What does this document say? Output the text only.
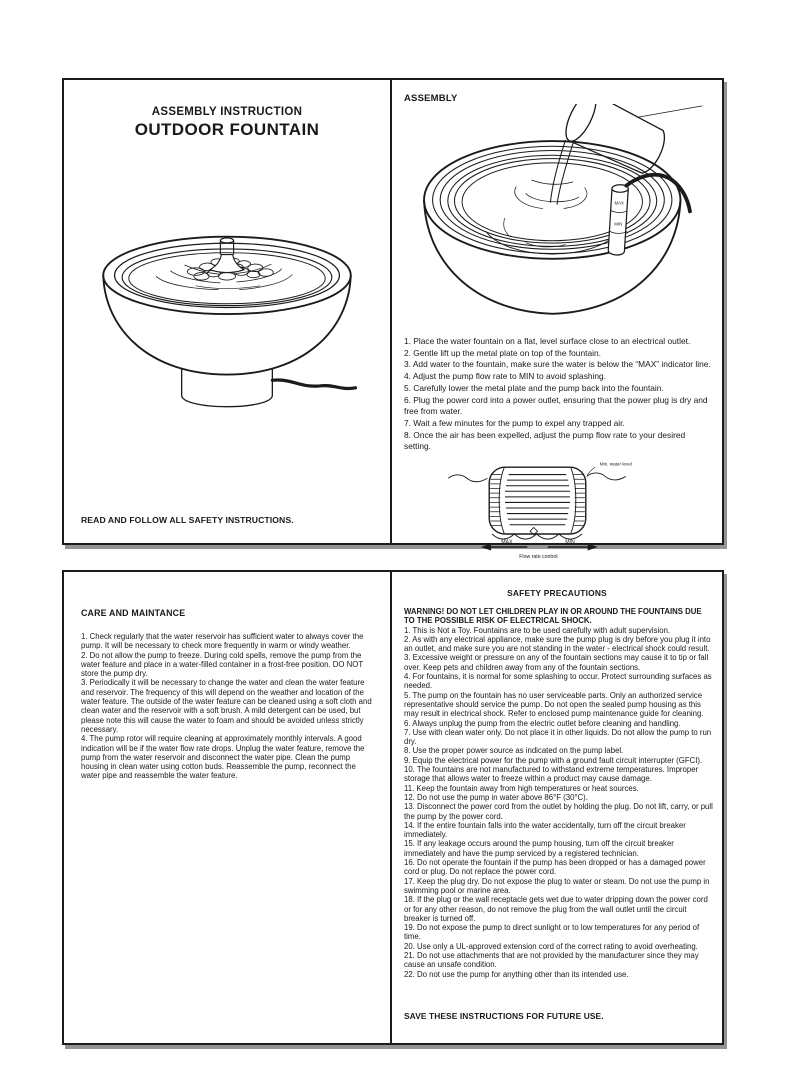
ASSEMBLY INSTRUCTION
OUTDOOR FOUNTAIN
READ AND FOLLOW ALL SAFETY INSTRUCTIONS.
ASSEMBLY
MAX
MIN
1. Place the water fountain on a flat, level surface close to an electrical outlet.
2. Gentle lift up the metal plate on top of the fountain.
3. Add water to the fountain, make sure the water is below the “MAX” indicator line.
4. Adjust the pump flow rate to MIN to avoid splashing.
5. Carefully lower the metal plate and the pump back into the fountain.
6. Plug the power cord into a power outlet, ensuring that the power plug is dry and free from water.
7. Wait a few minutes for the pump to expel any trapped air.
8. Once the air has been expelled, adjust the pump flow rate to your desired setting.
Min. water level
MAX	MIN
Flow rate control
CARE AND MAINTANCE
1. Check regularly that the water reservoir has sufficient water to always cover the pump. It will be necessary to check more frequently in warm or windy weather.
2. Do not allow the pump to freeze. During cold spells, remove the pump from the water feature and place in a water-filled container in a frost-free position. DO NOT store the pump dry.
3. Periodically it will be necessary to change the water and clean the water feature and reservoir. The frequency of this will depend on the weather and location of the water feature. The outside of the water feature can be cleaned using a soft cloth and clean water and the reservoir with a soft brush. A mild detergent can be used, but please note this will cause the water to foam and should be avoided unless strictly necessary.
4. The pump rotor will require cleaning at approximately monthly intervals. A good indication will be if the water flow rate drops. Unplug the water feature, remove the pump from the water reservoir and disconnect the water pipe. Clean the pump housing in clean water using cotton buds. Reassemble the pump, reconnect the water pipe and reassemble the water feature.
SAFETY PRECAUTIONS
WARNING! DO NOT LET CHILDREN PLAY IN OR AROUND THE FOUNTAINS DUE TO THE POSSIBLE RISK OF ELECTRICAL SHOCK.
1. This is Not a Toy. Fountains are to be used carefully with adult supervision.
2. As with any electrical appliance, make sure the pump plug is dry before you plug it into an outlet, and make sure you are not standing in the water - electrical shock could result.
3. Excessive weight or pressure on any of the fountain sections may cause it to tip or fall over. Keep pets and children away from any of the fountain sections.
4. For fountains, it is normal for some splashing to occur. Protect surrounding surfaces as needed.
5. The pump on the fountain has no user serviceable parts. Only an authorized service representative should service the pump. Do not open the sealed pump housing as this may result in electrical shock. Refer to enclosed pump maintenance guide for cleaning.
6. Always unplug the pump from the electric outlet before cleaning and handling.
7. Use with clean water only. Do not place it in other liquids. Do not allow the pump to run dry.
8. Use the proper power source as indicated on the pump label.
9. Equip the electrical power for the pump with a ground fault circuit interrupter (GFCI).
10. The fountains are not manufactured to withstand extreme temperatures. Improper storage that allows water to freeze within a product may cause damage.
11. Keep the fountain away from high temperatures or heat sources.
12. Do not use the pump in water above 86°F (30°C).
13. Disconnect the power cord from the outlet by holding the plug. Do not lift, carry, or pull the pump by the power cord.
14. If the entire fountain falls into the water accidentally, turn off the circuit breaker immediately.
15. If any leakage occurs around the pump housing, turn off the circuit breaker immediately and have the pump serviced by a registered technician.
16. Do not operate the fountain if the pump has been dropped or has a damaged power cord or plug. Do not replace the power cord.
17. Keep the plug dry. Do not expose the plug to water or steam. Do not use the pump in swimming pool or marine area.
18. If the plug or the wall receptacle gets wet due to water dripping down the power cord or for any other reason, do not remove the plug from the wall outlet until the circuit breaker is turned off.
19. Do not expose the pump to direct sunlight or to low temperatures for any period of time.
20. Use only a UL-approved extension cord of the correct rating to avoid overheating.
21. Do not use attachments that are not provided by the manufacturer since they may cause an unsafe condition.
22. Do not use the pump for anything other than its intended use.
SAVE THESE INSTRUCTIONS FOR FUTURE USE.
